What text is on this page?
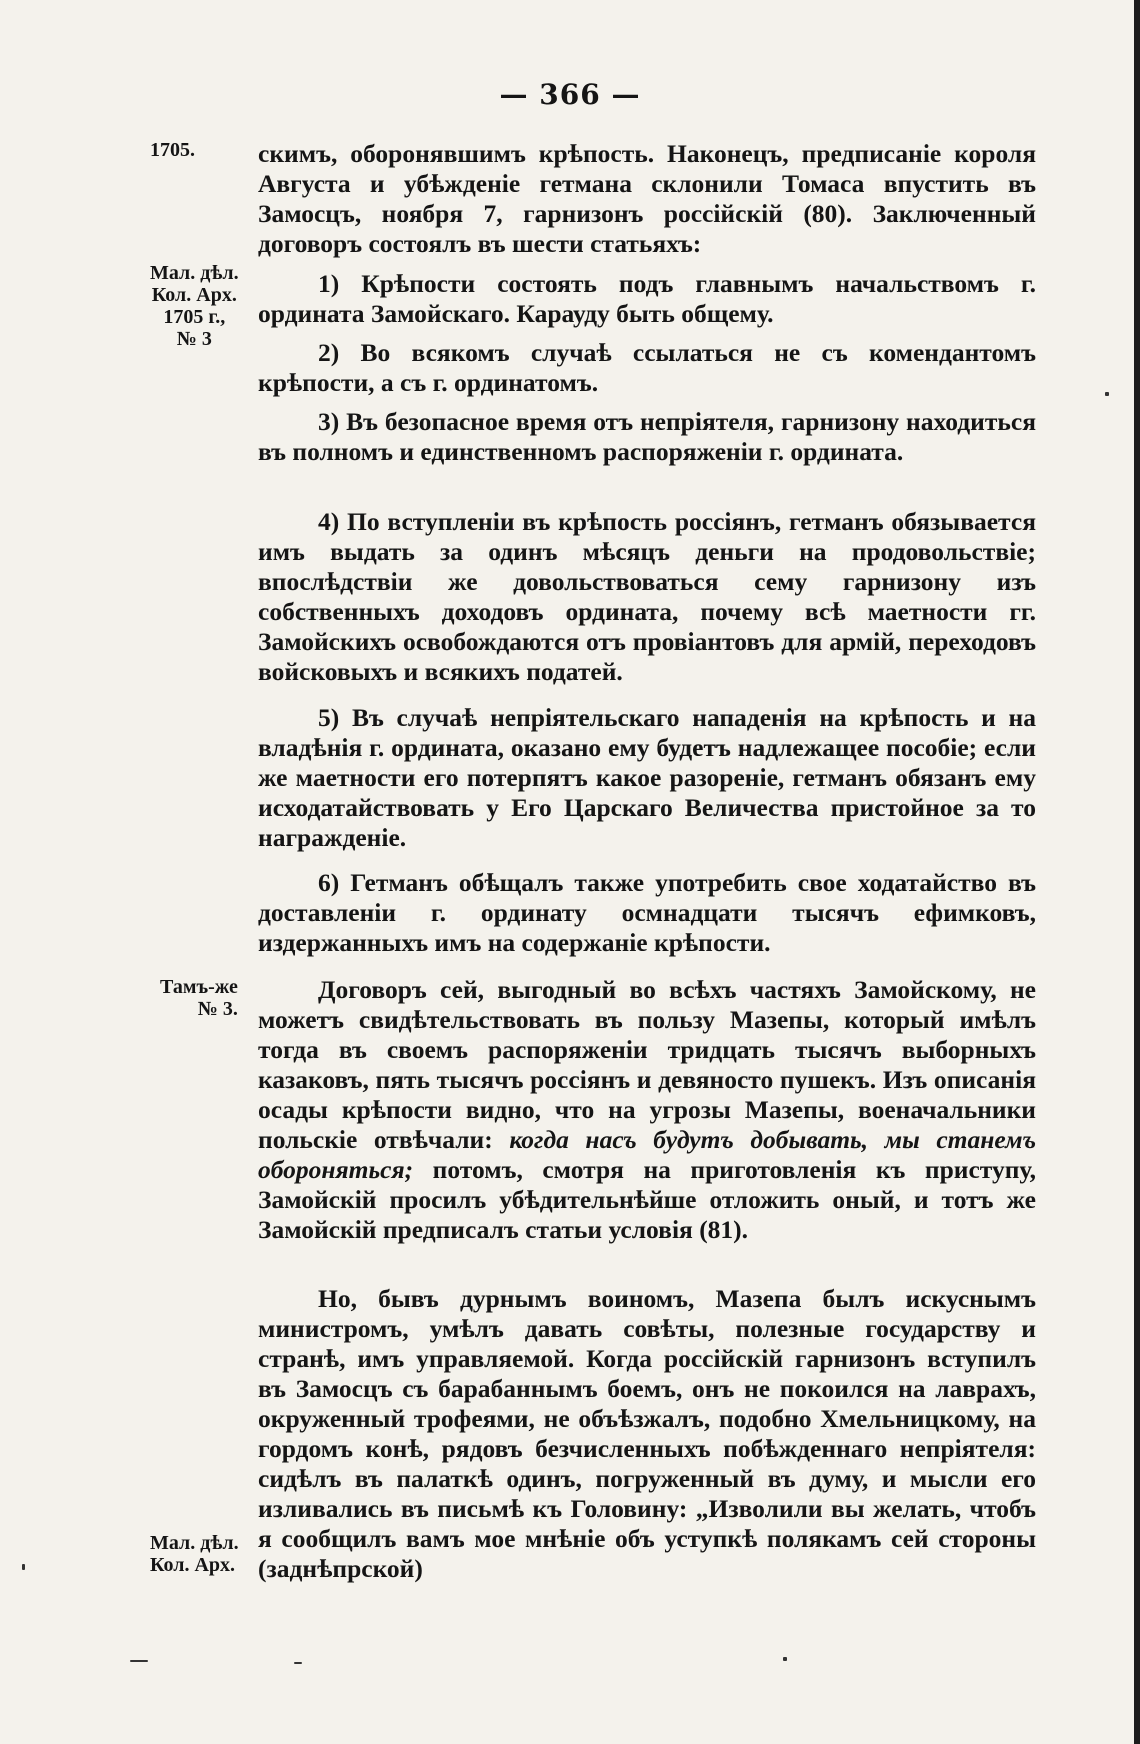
— 366 —
1705.
Мал. дѣл.
Кол. Арх.
1705 г.,
№ 3
Тамъ-же
№ 3.
Мал. дѣл.
Кол. Арх.
скимъ, оборонявшимъ крѣпость. Наконецъ, предписаніе короля Августа и убѣжденіе гетмана склонили Томаса впустить въ Замосцъ, ноября 7, гарнизонъ россійскій (80). Заключенный договоръ состоялъ въ шести статьяхъ:
1) Крѣпости состоять подъ главнымъ начальствомъ г. ордината Замойскаго. Карауду быть общему.
2) Во всякомъ случаѣ ссылаться не съ комендантомъ крѣпости, а съ г. ординатомъ.
3) Въ безопасное время отъ непріятеля, гарнизону находиться въ полномъ и единственномъ распоряженіи г. ордината.
4) По вступленіи въ крѣпость россіянъ, гетманъ обязывается имъ выдать за одинъ мѣсяцъ деньги на продовольствіе; впослѣдствіи же довольствоваться сему гарнизону изъ собственныхъ доходовъ ордината, почему всѣ маетности гг. Замойскихъ освобождаются отъ провіантовъ для армій, переходовъ войсковыхъ и всякихъ податей.
5) Въ случаѣ непріятельскаго нападенія на крѣпость и на владѣнія г. ордината, оказано ему будетъ надлежащее пособіе; если же маетности его потерпятъ какое разореніе, гетманъ обязанъ ему исходатайствовать у Его Царскаго Величества пристойное за то награжденіе.
6) Гетманъ обѣщалъ также употребить свое ходатайство въ доставленіи г. ординату осмнадцати тысячъ ефимковъ, издержанныхъ имъ на содержаніе крѣпости.
Договоръ сей, выгодный во всѣхъ частяхъ Замойскому, не можетъ свидѣтельствовать въ пользу Мазепы, который имѣлъ тогда въ своемъ распоряженіи тридцать тысячъ выборныхъ казаковъ, пять тысячъ россіянъ и девяносто пушекъ. Изъ описанія осады крѣпости видно, что на угрозы Мазепы, военачальники польскіе отвѣчали: когда насъ будутъ добывать, мы станемъ обороняться; потомъ, смотря на приготовленія къ приступу, Замойскій просилъ убѣдительнѣйше отложить оный, и тотъ же Замойскій предписалъ статьи условія (81).
Но, бывъ дурнымъ воиномъ, Мазепа былъ искуснымъ министромъ, умѣлъ давать совѣты, полезные государству и странѣ, имъ управляемой. Когда россійскій гарнизонъ вступилъ въ Замосцъ съ барабаннымъ боемъ, онъ не покоился на лаврахъ, окруженный трофеями, не объѣзжалъ, подобно Хмельницкому, на гордомъ конѣ, рядовъ безчисленныхъ побѣжденнаго непріятеля: сидѣлъ въ палаткѣ одинъ, погруженный въ думу, и мысли его изливались въ письмѣ къ Головину: „Изволили вы желать, чтобъ я сообщилъ вамъ мое мнѣніе объ уступкѣ полякамъ сей стороны (заднѣпрской)
